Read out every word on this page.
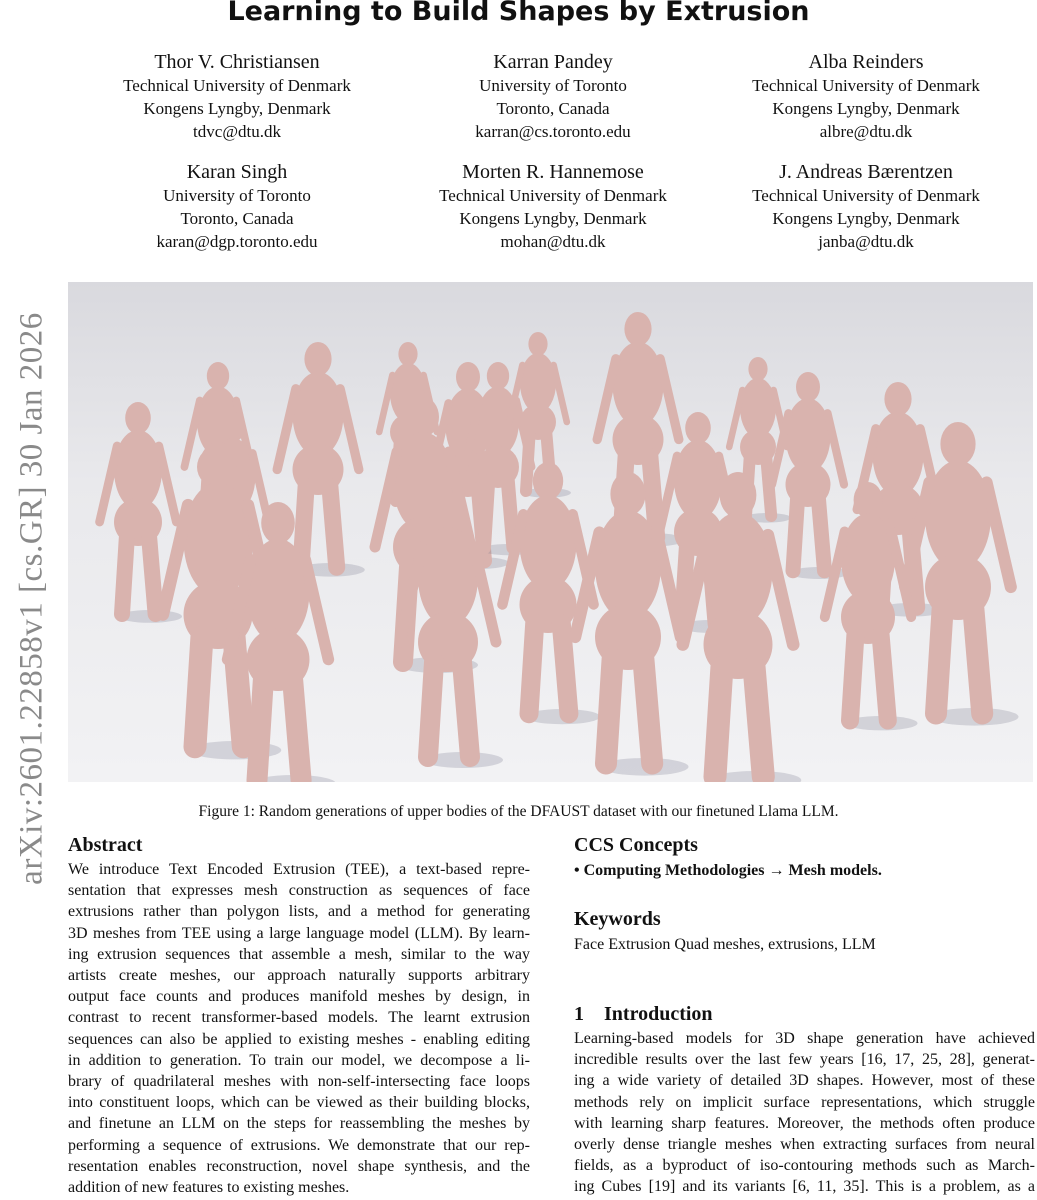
Learning to Build Shapes by Extrusion
Thor V. Christiansen
Technical University of Denmark
Kongens Lyngby, Denmark
tdvc@dtu.dk
Karran Pandey
University of Toronto
Toronto, Canada
karran@cs.toronto.edu
Alba Reinders
Technical University of Denmark
Kongens Lyngby, Denmark
albre@dtu.dk
Karan Singh
University of Toronto
Toronto, Canada
karan@dgp.toronto.edu
Morten R. Hannemose
Technical University of Denmark
Kongens Lyngby, Denmark
mohan@dtu.dk
J. Andreas Bærentzen
Technical University of Denmark
Kongens Lyngby, Denmark
janba@dtu.dk
arXiv:2601.22858v1 [cs.GR] 30 Jan 2026	Figure 1: Random generations of upper bodies of the DFAUST dataset with our finetuned Llama LLM.
Abstract
We introduce Text Encoded Extrusion (TEE), a text-based repre-
sentation that expresses mesh construction as sequences of face
extrusions rather than polygon lists, and a method for generating
3D meshes from TEE using a large language model (LLM). By learn-
ing extrusion sequences that assemble a mesh, similar to the way
artists create meshes, our approach naturally supports arbitrary
output face counts and produces manifold meshes by design, in
contrast to recent transformer-based models. The learnt extrusion
sequences can also be applied to existing meshes - enabling editing
in addition to generation. To train our model, we decompose a li-
brary of quadrilateral meshes with non-self-intersecting face loops
into constituent loops, which can be viewed as their building blocks,
and finetune an LLM on the steps for reassembling the meshes by
performing a sequence of extrusions. We demonstrate that our rep-
resentation enables reconstruction, novel shape synthesis, and the
addition of new features to existing meshes.
CCS Concepts
• Computing Methodologies → Mesh models.
Keywords
Face Extrusion Quad meshes, extrusions, LLM
1    Introduction
Learning-based models for 3D shape generation have achieved
incredible results over the last few years [16, 17, 25, 28], generat-
ing a wide variety of detailed 3D shapes. However, most of these
methods rely on implicit surface representations, which struggle
with learning sharp features. Moreover, the methods often produce
overly dense triangle meshes when extracting surfaces from neural
fields, as a byproduct of iso-contouring methods such as March-
ing Cubes [19] and its variants [6, 11, 35]. This is a problem, as a
